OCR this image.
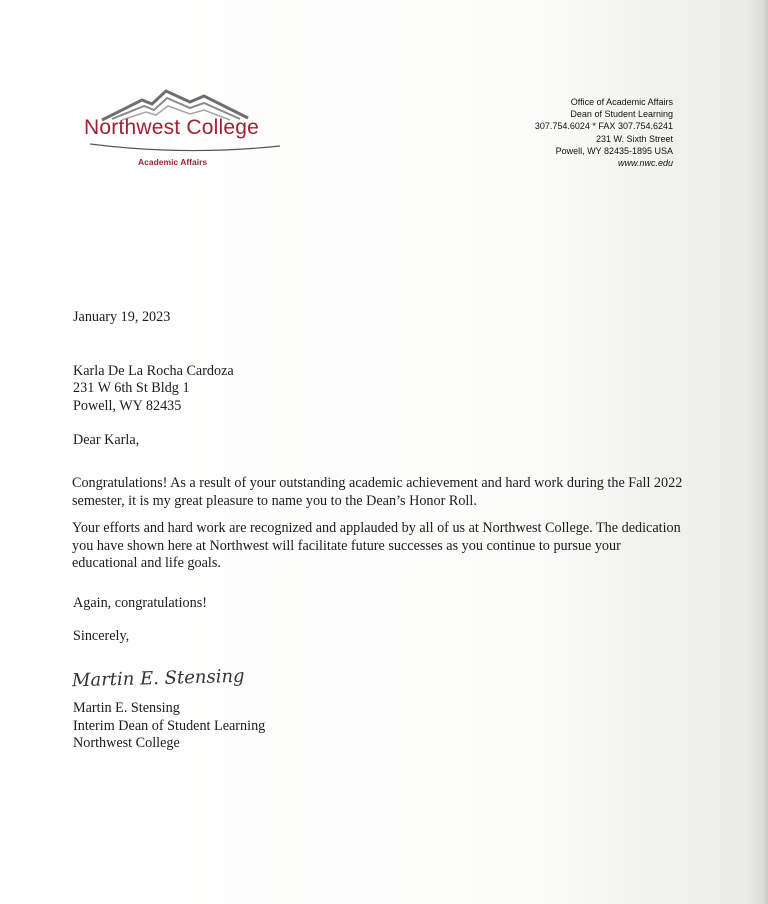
Northwest College
Academic Affairs
Office of Academic Affairs
Dean of Student Learning
307.754.6024 * FAX 307.754.6241
231 W. Sixth Street
Powell, WY 82435-1895 USA
www.nwc.edu
January 19, 2023
Karla De La Rocha Cardoza
231 W 6th St Bldg 1
Powell, WY 82435
Dear Karla,
Congratulations! As a result of your outstanding academic achievement and hard work during the Fall 2022 semester, it is my great pleasure to name you to the Dean’s Honor Roll.
Your efforts and hard work are recognized and applauded by all of us at Northwest College. The dedication you have shown here at Northwest will facilitate future successes as you continue to pursue your educational and life goals.
Again, congratulations!
Sincerely,
Martin E. Stensing
Martin E. Stensing
Interim Dean of Student Learning
Northwest College
